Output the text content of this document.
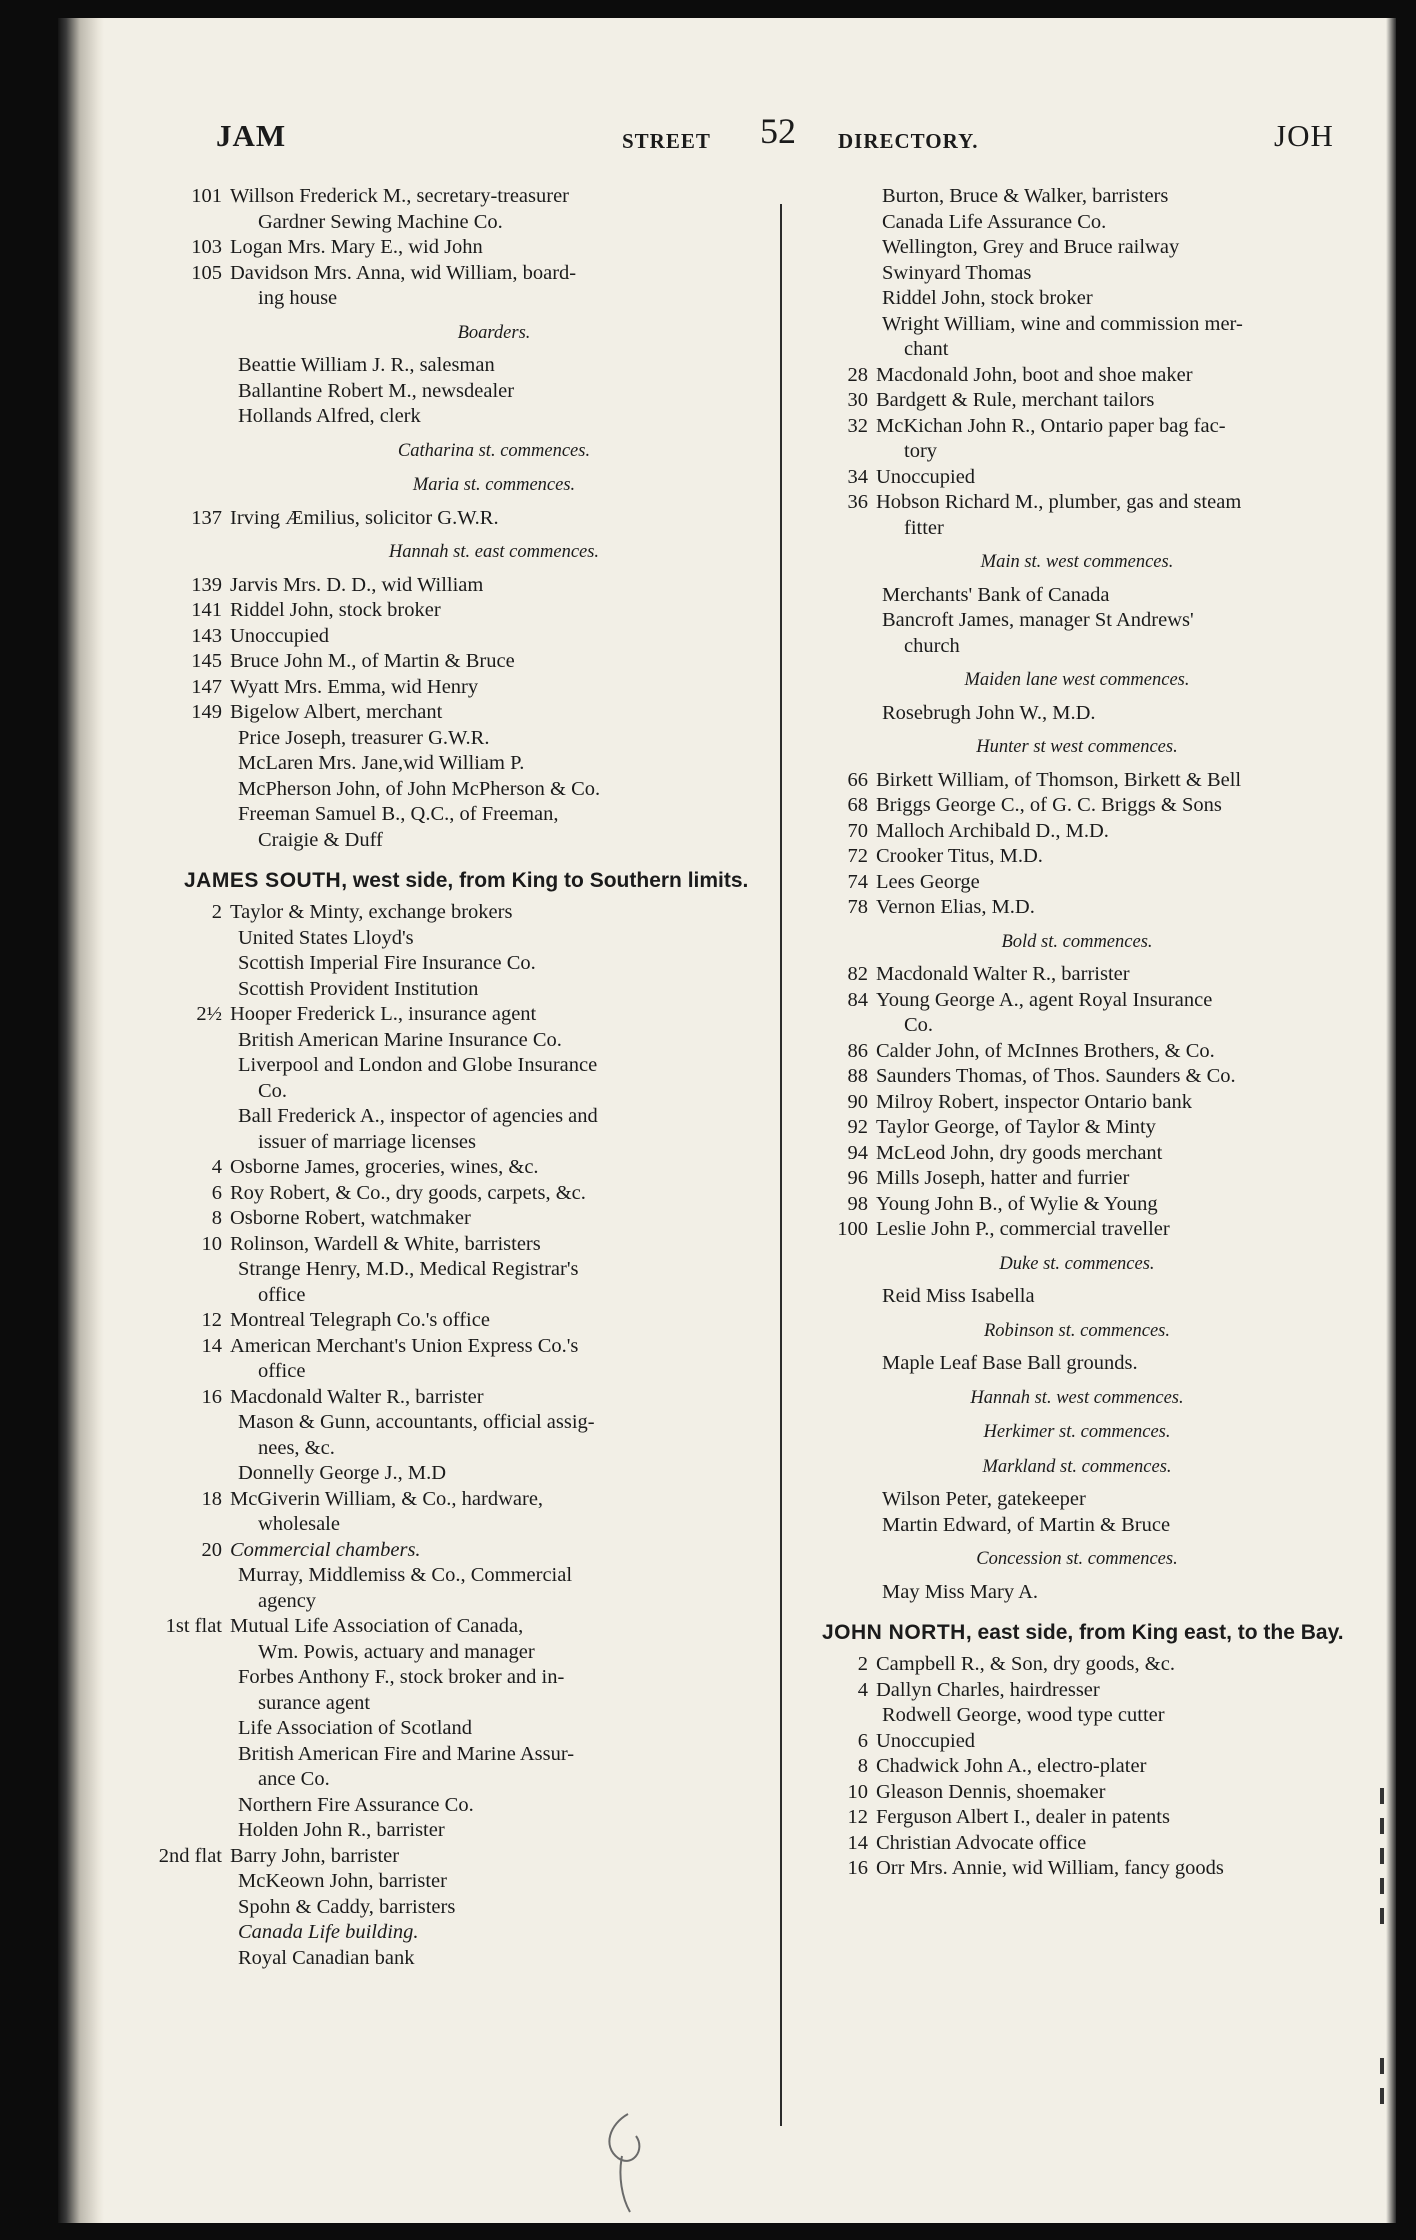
JAM	STREET 52 DIRECTORY.	JOH
101 Willson Frederick M., secretary-treasurer
Gardner Sewing Machine Co.
103 Logan Mrs. Mary E., wid John
105 Davidson Mrs. Anna, wid William, board-
ing house
Boarders.
Beattie William J. R., salesman
Ballantine Robert M., newsdealer
Hollands Alfred, clerk
Catharina st. commences.
Maria st. commences.
137 Irving Æmilius, solicitor G.W.R.
Hannah st. east commences.
139 Jarvis Mrs. D. D., wid William
141 Riddel John, stock broker
143 Unoccupied
145 Bruce John M., of Martin & Bruce
147 Wyatt Mrs. Emma, wid Henry
149 Bigelow Albert, merchant
Price Joseph, treasurer G.W.R.
McLaren Mrs. Jane,wid William P.
McPherson John, of John McPherson & Co.
Freeman Samuel B., Q.C., of Freeman,
Craigie & Duff
JAMES SOUTH, west side, from King to Southern limits.
2 Taylor & Minty, exchange brokers
United States Lloyd's
Scottish Imperial Fire Insurance Co.
Scottish Provident Institution
2½ Hooper Frederick L., insurance agent
British American Marine Insurance Co.
Liverpool and London and Globe Insurance
Co.
Ball Frederick A., inspector of agencies and
issuer of marriage licenses
4 Osborne James, groceries, wines, &c.
6 Roy Robert, & Co., dry goods, carpets, &c.
8 Osborne Robert, watchmaker
10 Rolinson, Wardell & White, barristers
Strange Henry, M.D., Medical Registrar's
office
12 Montreal Telegraph Co.'s office
14 American Merchant's Union Express Co.'s
office
16 Macdonald Walter R., barrister
Mason & Gunn, accountants, official assig-
nees, &c.
Donnelly George J., M.D
18 McGiverin William, & Co., hardware,
wholesale
20 Commercial chambers.
Murray, Middlemiss & Co., Commercial
agency
1st flat Mutual Life Association of Canada,
Wm. Powis, actuary and manager
Forbes Anthony F., stock broker and in-
surance agent
Life Association of Scotland
British American Fire and Marine Assur-
ance Co.
Northern Fire Assurance Co.
Holden John R., barrister
2nd flat Barry John, barrister
McKeown John, barrister
Spohn & Caddy, barristers
Canada Life building.
Royal Canadian bank
Burton, Bruce & Walker, barristers
Canada Life Assurance Co.
Wellington, Grey and Bruce railway
Swinyard Thomas
Riddel John, stock broker
Wright William, wine and commission mer-
chant
28 Macdonald John, boot and shoe maker
30 Bardgett & Rule, merchant tailors
32 McKichan John R., Ontario paper bag fac-
tory
34 Unoccupied
36 Hobson Richard M., plumber, gas and steam
fitter
Main st. west commences.
Merchants' Bank of Canada
Bancroft James, manager St Andrews'
church
Maiden lane west commences.
Rosebrugh John W., M.D.
Hunter st west commences.
66 Birkett William, of Thomson, Birkett & Bell
68 Briggs George C., of G. C. Briggs & Sons
70 Malloch Archibald D., M.D.
72 Crooker Titus, M.D.
74 Lees George
78 Vernon Elias, M.D.
Bold st. commences.
82 Macdonald Walter R., barrister
84 Young George A., agent Royal Insurance
Co.
86 Calder John, of McInnes Brothers, & Co.
88 Saunders Thomas, of Thos. Saunders & Co.
90 Milroy Robert, inspector Ontario bank
92 Taylor George, of Taylor & Minty
94 McLeod John, dry goods merchant
96 Mills Joseph, hatter and furrier
98 Young John B., of Wylie & Young
100 Leslie John P., commercial traveller
Duke st. commences.
Reid Miss Isabella
Robinson st. commences.
Maple Leaf Base Ball grounds.
Hannah st. west commences.
Herkimer st. commences.
Markland st. commences.
Wilson Peter, gatekeeper
Martin Edward, of Martin & Bruce
Concession st. commences.
May Miss Mary A.
JOHN NORTH, east side, from King east, to the Bay.
2 Campbell R., & Son, dry goods, &c.
4 Dallyn Charles, hairdresser
Rodwell George, wood type cutter
6 Unoccupied
8 Chadwick John A., electro-plater
10 Gleason Dennis, shoemaker
12 Ferguson Albert I., dealer in patents
14 Christian Advocate office
16 Orr Mrs. Annie, wid William, fancy goods
